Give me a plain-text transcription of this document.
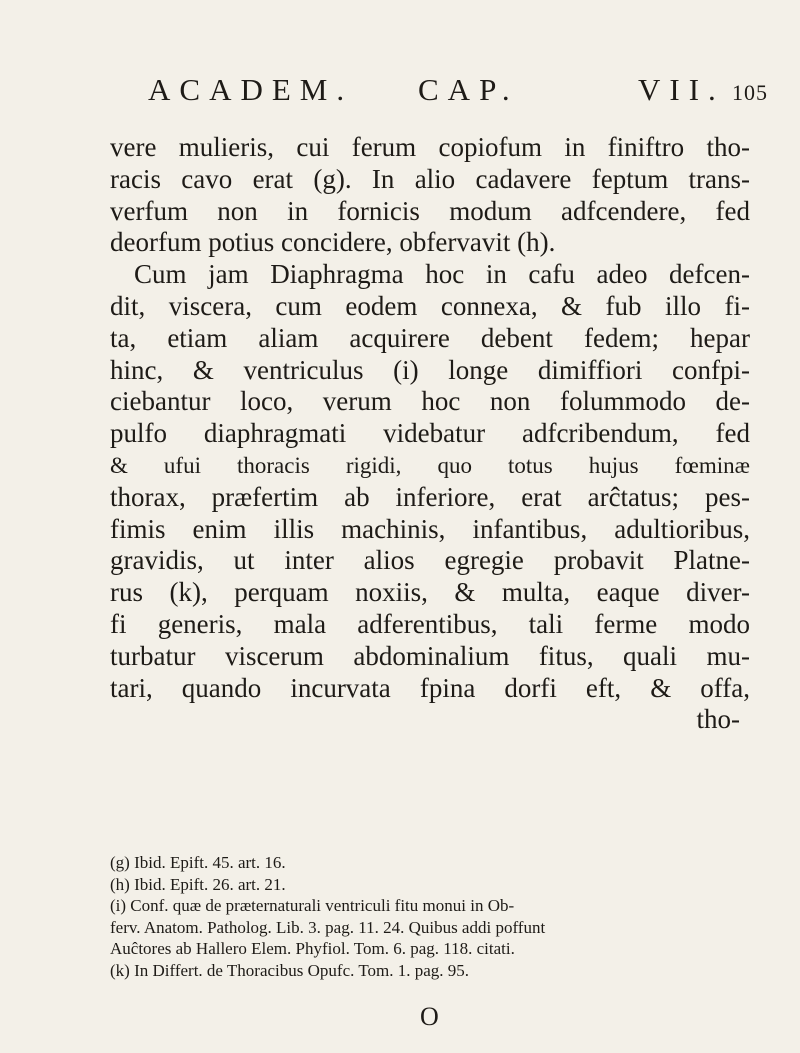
ACADEM. CAP.	VII. 105
vere mulieris, cui ferum copiofum in finiftro tho-
racis cavo erat (g). In alio cadavere feptum trans-
verfum non in fornicis modum adfcendere, fed
deorfum potius concidere, obfervavit (h).
Cum jam Diaphragma hoc in cafu adeo defcen-
dit, viscera, cum eodem connexa, & fub illo fi-
ta, etiam aliam acquirere debent fedem; hepar
hinc, & ventriculus (i) longe dimiffiori confpi-
ciebantur loco, verum hoc non folummodo de-
pulfo diaphragmati videbatur adfcribendum, fed
& ufui thoracis rigidi, quo totus hujus fœminæ
thorax, præfertim ab inferiore, erat arĉtatus; pes-
fimis enim illis machinis, infantibus, adultioribus,
gravidis, ut inter alios egregie probavit Platne-
rus (k), perquam noxiis, & multa, eaque diver-
fi generis, mala adferentibus, tali ferme modo
turbatur viscerum abdominalium fitus, quali mu-
tari, quando incurvata fpina dorfi eft, & offa,
tho-
(g) Ibid. Epift. 45. art. 16.
(h) Ibid. Epift. 26. art. 21.
(i) Conf. quæ de præternaturali ventriculi fitu monui in Ob-
ferv. Anatom. Patholog. Lib. 3. pag. 11. 24. Quibus addi poffunt
Auĉtores ab Hallero Elem. Phyfiol. Tom. 6. pag. 118. citati.
(k) In Differt. de Thoracibus Opufc. Tom. 1. pag. 95.
O
